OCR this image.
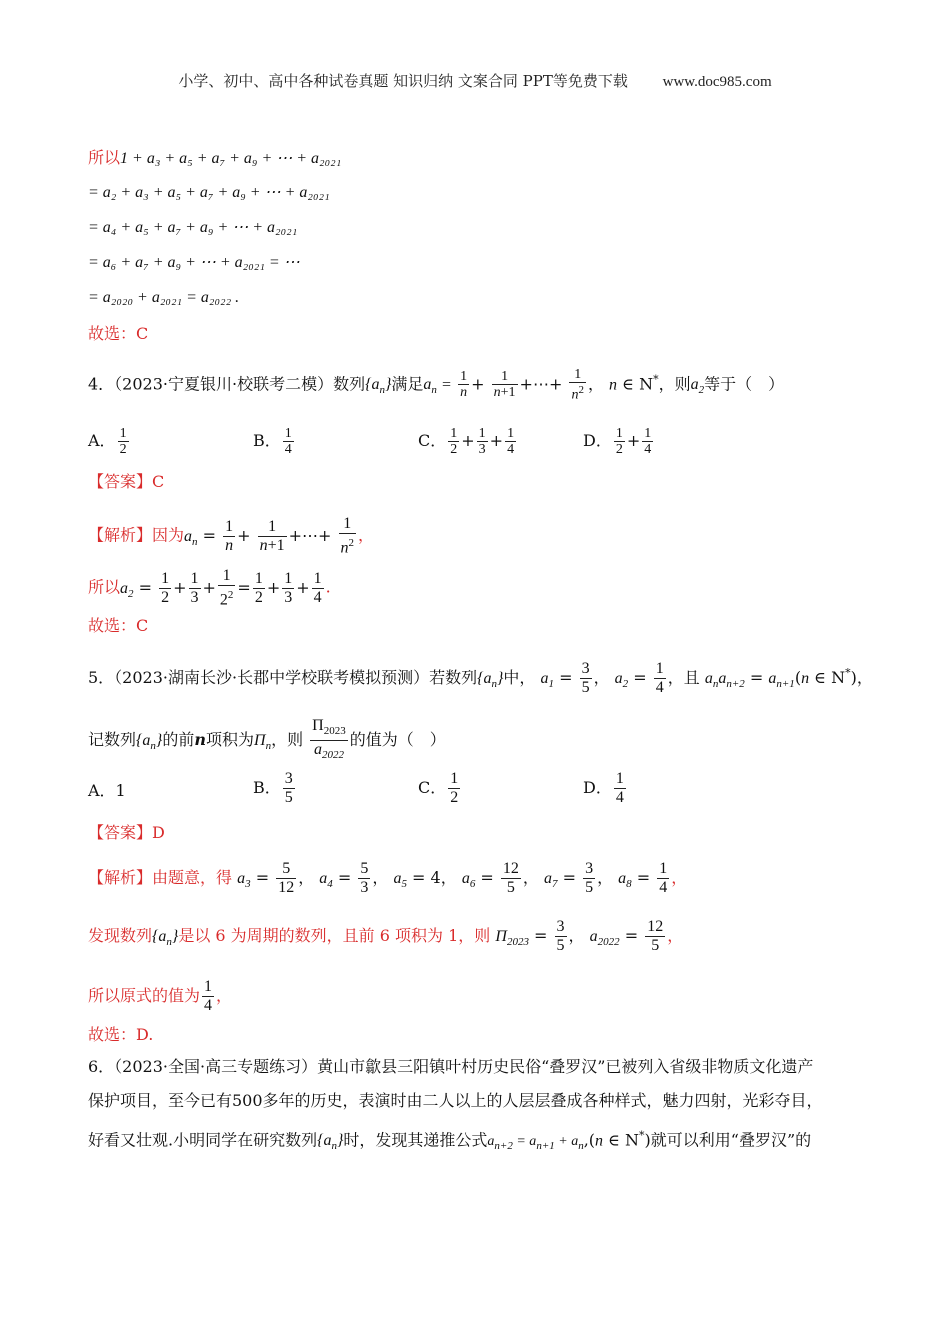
小学、初中、高中各种试卷真题 知识归纳 文案合同 PPT等免费下载 www.doc985.com
所以1 + a₃ + a₅ + a₇ + a₉ + ⋯ + a₂₀₂₁
= a₂ + a₃ + a₅ + a₇ + a₉ + ⋯ + a₂₀₂₁
= a₄ + a₅ + a₇ + a₉ + ⋯ + a₂₀₂₁
= a₆ + a₇ + a₉ + ⋯ + a₂₀₂₁ = ⋯
= a₂₀₂₀ + a₂₀₂₁ = a₂₀₂₂ .
故选：C
4．（2023·宁夏银川·校联考二模）数列$\{a_n\}$满足$a_n = \frac{1}{n} + \frac{1}{n+1}$ +⋯+ $\frac{1}{n^2}$ ， n ∈ N*，则$a_2$等于（　）
A． $\frac{1}{2}$	B． $\frac{1}{4}$	C． $\frac{1}{2} + \frac{1}{3} + \frac{1}{4}$	D． $\frac{1}{2} + \frac{1}{4}$
【答案】C
【解析】因为$a_n = \frac{1}{n} + \frac{1}{n+1}$ +⋯+ $\frac{1}{n^2}$ ，
所以$a_2 = \frac{1}{2} + \frac{1}{3} + \frac{1}{2^2} = \frac{1}{2} + \frac{1}{3} + \frac{1}{4}$ .
故选：C
5．（2023·湖南长沙·长郡中学校联考模拟预测）若数列$\{a_n\}$中， $a_1 = \frac{3}{5}$ ， $a_2 = \frac{1}{4}$ ，且 $a_na_{n+2} = a_{n+1}(n$ ∈ N*)，
记数列$\{a_n\}$的前n项积为$\Pi_n$，则 $\frac{\Pi_{2023}}{a_{2022}}$ 的值为（　）
A．1	B． $\frac{3}{5}$	C． $\frac{1}{2}$	D． $\frac{1}{4}$
【答案】D
【解析】由题意，得 $a_3 = \frac{5}{12}$ ， $a_4 = \frac{5}{3}$ ， $a_5 = 4$， $a_6 = \frac{12}{5}$ ， $a_7 = \frac{3}{5}$ ， $a_8 = \frac{1}{4}$ ，
发现数列$\{a_n\}$是以 6 为周期的数列，且前 6 项积为 1，则 $\Pi_{2023} = \frac{3}{5}$ ， $a_{2022} = \frac{12}{5}$ ，
所以原式的值为 $\frac{1}{4}$ ，
故选：D.
6．（2023·全国·高三专题练习）黄山市歙县三阳镇叶村历史民俗“叠罗汉”已被列入省级非物质文化遗产
保护项目，至今已有500多年的历史，表演时由二人以上的人层层叠成各种样式，魅力四射，光彩夺目，
好看又壮观.小明同学在研究数列$\{a_n\}$时，发现其递推公式$a_{n+2} = a_{n+1} + a_n,(n$ ∈ N*)就可以利用“叠罗汉”的
